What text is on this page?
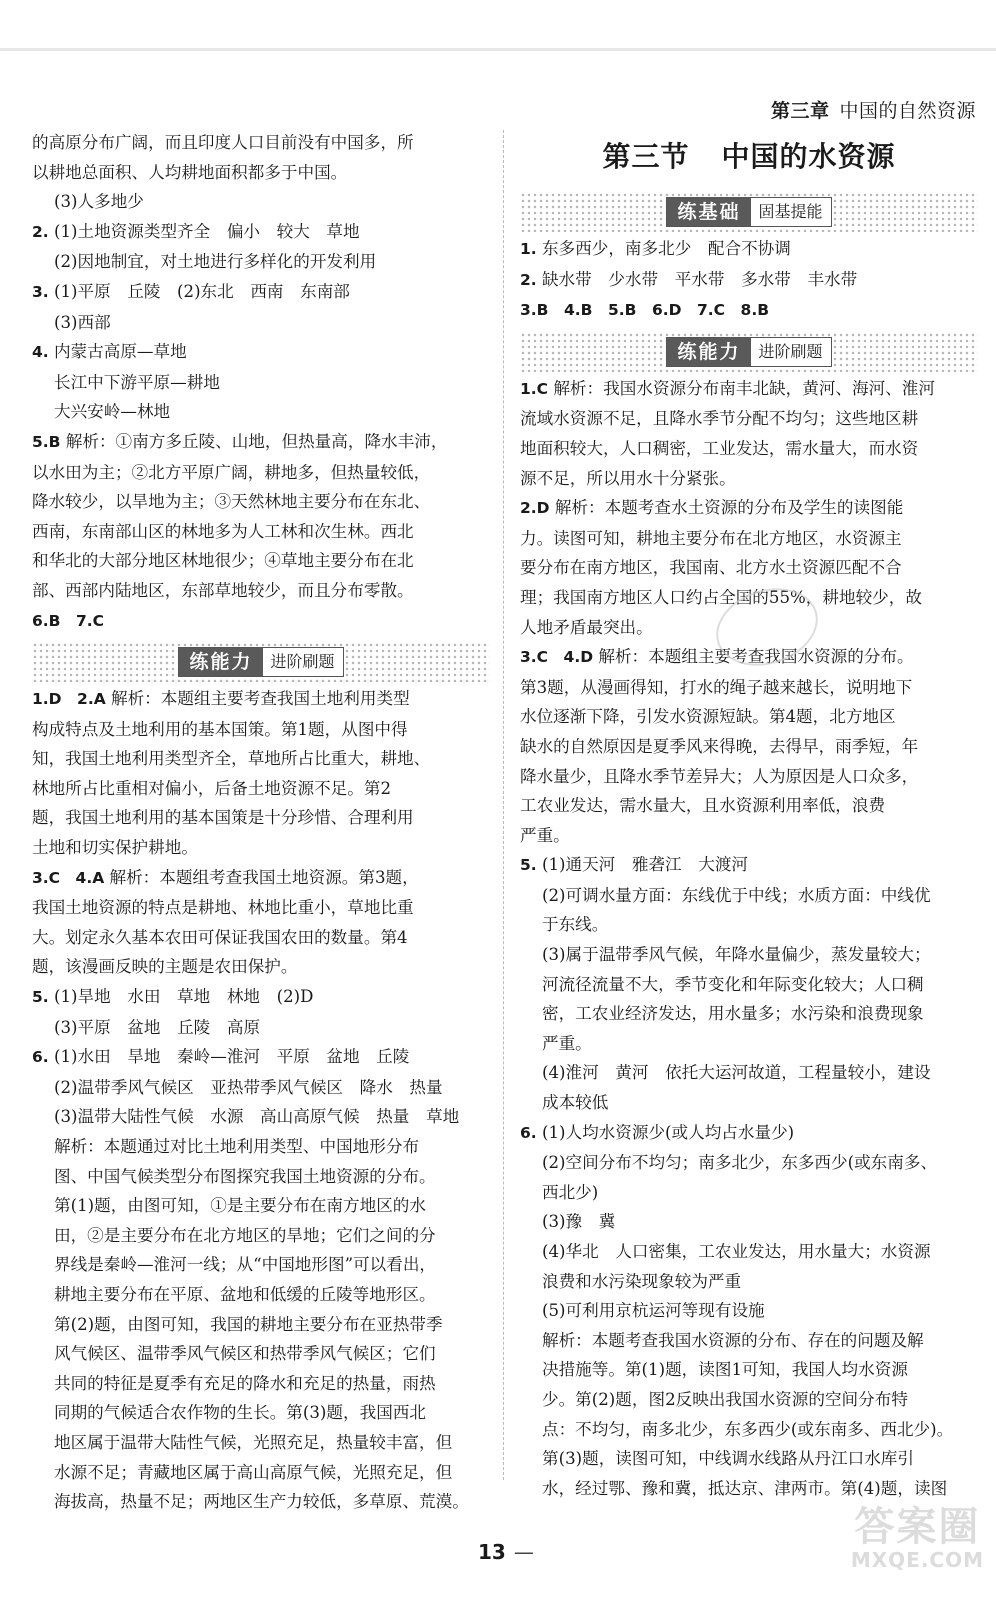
第三章 中国的自然资源
的高原分布广阔，而且印度人口目前没有中国多，所
以耕地总面积、人均耕地面积都多于中国。
(3)人多地少
2. (1)土地资源类型齐全　偏小　较大　草地
(2)因地制宜，对土地进行多样化的开发利用
3. (1)平原　丘陵　(2)东北　西南　东南部
(3)西部
4. 内蒙古高原—草地
长江中下游平原—耕地
大兴安岭—林地
5.B 解析：①南方多丘陵、山地，但热量高，降水丰沛，
以水田为主；②北方平原广阔，耕地多，但热量较低，
降水较少，以旱地为主；③天然林地主要分布在东北、
西南，东南部山区的林地多为人工林和次生林。西北
和华北的大部分地区林地很少；④草地主要分布在北
部、西部内陆地区，东部草地较少，而且分布零散。
6.B　7.C
练能力	进阶刷题
1.D　2.A 解析：本题组主要考查我国土地利用类型
构成特点及土地利用的基本国策。第1题，从图中得
知，我国土地利用类型齐全，草地所占比重大，耕地、
林地所占比重相对偏小，后备土地资源不足。第2
题，我国土地利用的基本国策是十分珍惜、合理利用
土地和切实保护耕地。
3.C　4.A 解析：本题组考查我国土地资源。第3题，
我国土地资源的特点是耕地、林地比重小，草地比重
大。划定永久基本农田可保证我国农田的数量。第4
题，该漫画反映的主题是农田保护。
5. (1)旱地　水田　草地　林地　(2)D
(3)平原　盆地　丘陵　高原
6. (1)水田　旱地　秦岭—淮河　平原　盆地　丘陵
(2)温带季风气候区　亚热带季风气候区　降水　热量
(3)温带大陆性气候　水源　高山高原气候　热量　草地
解析：本题通过对比土地利用类型、中国地形分布
图、中国气候类型分布图探究我国土地资源的分布。
第(1)题，由图可知，①是主要分布在南方地区的水
田，②是主要分布在北方地区的旱地；它们之间的分
界线是秦岭—淮河一线；从“中国地形图”可以看出，
耕地主要分布在平原、盆地和低缓的丘陵等地形区。
第(2)题，由图可知，我国的耕地主要分布在亚热带季
风气候区、温带季风气候区和热带季风气候区；它们
共同的特征是夏季有充足的降水和充足的热量，雨热
同期的气候适合农作物的生长。第(3)题，我国西北
地区属于温带大陆性气候，光照充足，热量较丰富，但
水源不足；青藏地区属于高山高原气候，光照充足，但
海拔高，热量不足；两地区生产力较低，多草原、荒漠。
第三节 中国的水资源
练基础	固基提能
1. 东多西少，南多北少　配合不协调
2. 缺水带　少水带　平水带　多水带　丰水带
3.B　4.B　5.B　6.D　7.C　8.B
练能力	进阶刷题
1.C 解析：我国水资源分布南丰北缺，黄河、海河、淮河
流域水资源不足，且降水季节分配不均匀；这些地区耕
地面积较大，人口稠密，工业发达，需水量大，而水资
源不足，所以用水十分紧张。
2.D 解析：本题考查水土资源的分布及学生的读图能
力。读图可知，耕地主要分布在北方地区，水资源主
要分布在南方地区，我国南、北方水土资源匹配不合
理；我国南方地区人口约占全国的55%，耕地较少，故
人地矛盾最突出。
3.C　4.D 解析：本题组主要考查我国水资源的分布。
第3题，从漫画得知，打水的绳子越来越长，说明地下
水位逐渐下降，引发水资源短缺。第4题，北方地区
缺水的自然原因是夏季风来得晚，去得早，雨季短，年
降水量少，且降水季节差异大；人为原因是人口众多，
工农业发达，需水量大，且水资源利用率低，浪费
严重。
5. (1)通天河　雅砻江　大渡河
(2)可调水量方面：东线优于中线；水质方面：中线优
于东线。
(3)属于温带季风气候，年降水量偏少，蒸发量较大；
河流径流量不大，季节变化和年际变化较大；人口稠
密，工农业经济发达，用水量多；水污染和浪费现象
严重。
(4)淮河　黄河　依托大运河故道，工程量较小，建设
成本较低
6. (1)人均水资源少(或人均占水量少)
(2)空间分布不均匀；南多北少，东多西少(或东南多、
西北少)
(3)豫　冀
(4)华北　人口密集，工农业发达，用水量大；水资源
浪费和水污染现象较为严重
(5)可利用京杭运河等现有设施
解析：本题考查我国水资源的分布、存在的问题及解
决措施等。第(1)题，读图1可知，我国人均水资源
少。第(2)题，图2反映出我国水资源的空间分布特
点：不均匀，南多北少，东多西少(或东南多、西北少)。
第(3)题，读图可知，中线调水线路从丹江口水库引
水，经过鄂、豫和冀，抵达京、津两市。第(4)题，读图
13 —
答案圈
MXQE.COM
